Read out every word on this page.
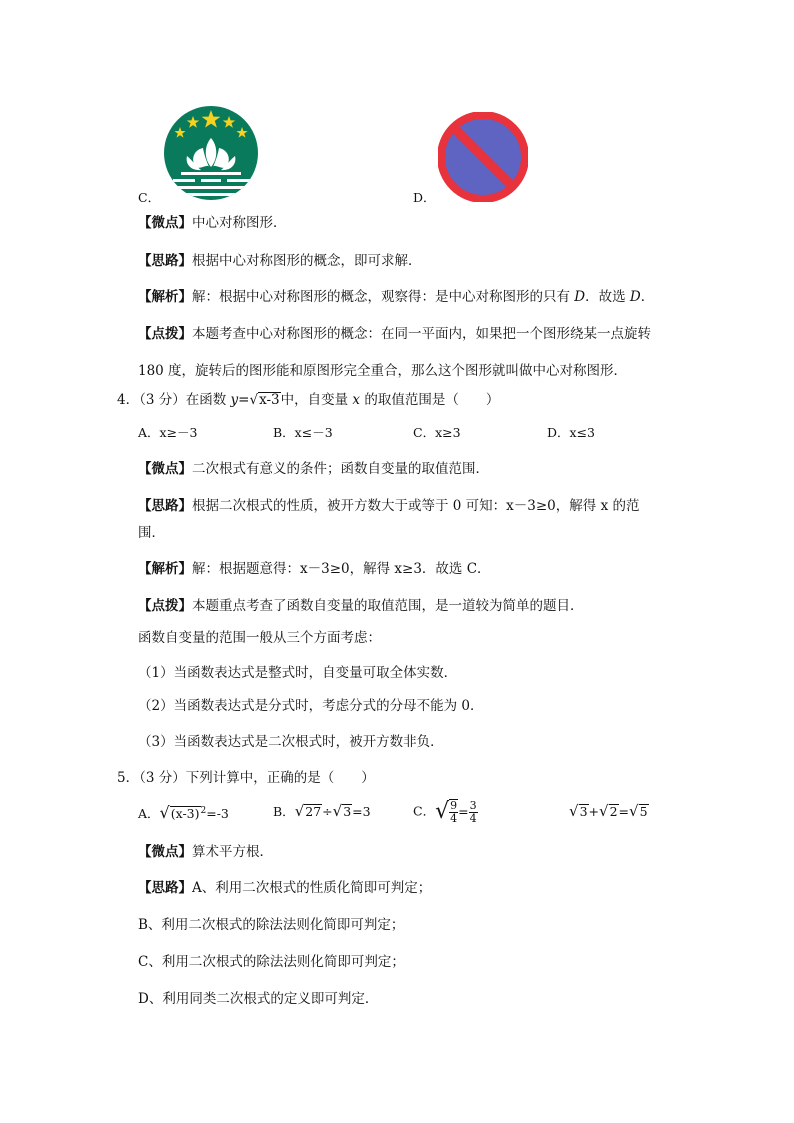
C．	D．
【微点】中心对称图形．
【思路】根据中心对称图形的概念，即可求解．
【解析】解：根据中心对称图形的概念，观察得：是中心对称图形的只有 D．故选 D．
【点拨】本题考查中心对称图形的概念：在同一平面内，如果把一个图形绕某一点旋转
180 度，旋转后的图形能和原图形完全重合，那么这个图形就叫做中心对称图形．
4．（3 分）在函数 y=√x-3中，自变量 x 的取值范围是（　　）
A．x≥－3	B．x≤－3	C．x≥3	D．x≤3
【微点】二次根式有意义的条件；函数自变量的取值范围．
【思路】根据二次根式的性质，被开方数大于或等于 0 可知：x－3≥0，解得 x 的范
围．
【解析】解：根据题意得：x－3≥0，解得 x≥3．故选 C．
【点拨】本题重点考查了函数自变量的取值范围，是一道较为简单的题目．
函数自变量的范围一般从三个方面考虑：
（1）当函数表达式是整式时，自变量可取全体实数．
（2）当函数表达式是分式时，考虑分式的分母不能为 0．
（3）当函数表达式是二次根式时，被开方数非负．
5．（3 分）下列计算中，正确的是（　　）
A．$√(x-3)^2=-3$	B．√27÷√3=3	C．√ $\frac{9}{4} = \frac{3}{4}$	√3+√2=√5
【微点】算术平方根．
【思路】A、利用二次根式的性质化简即可判定；
B、利用二次根式的除法法则化简即可判定；
C、利用二次根式的除法法则化简即可判定；
D、利用同类二次根式的定义即可判定．
